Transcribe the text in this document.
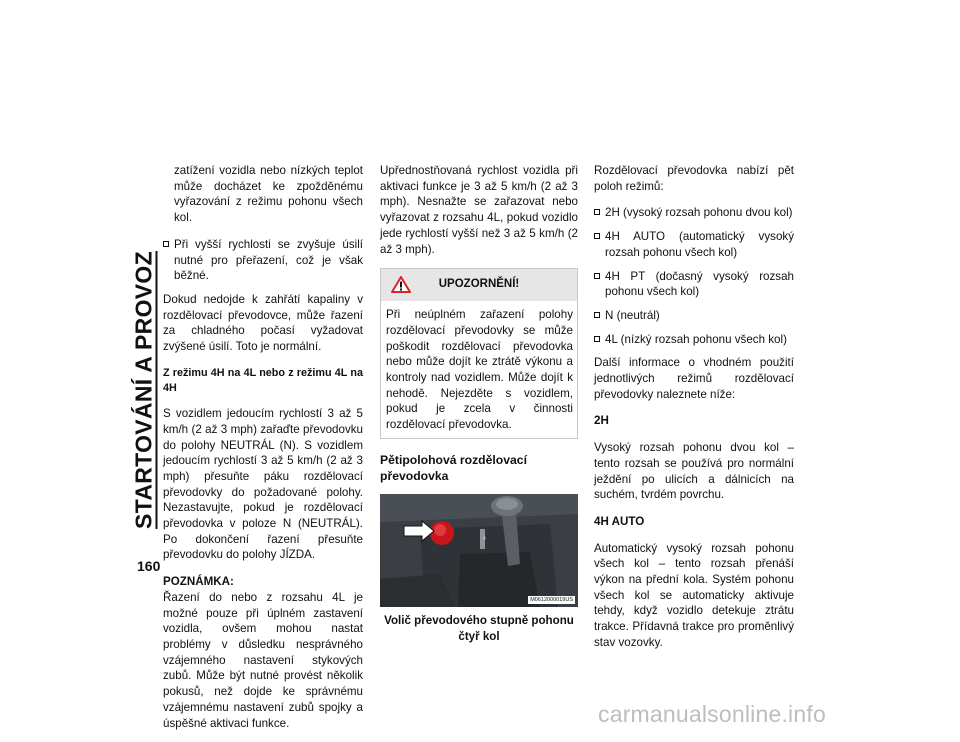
STARTOVÁNÍ A PROVOZ
160

zatížení vozidla nebo nízkých teplot může docházet ke zpožděnému vyřazování z režimu pohonu všech kol.

Při vyšší rychlosti se zvyšuje úsilí nutné pro přeřazení, což je však běžné.

Dokud nedojde k zahřátí kapaliny v rozdělovací převodovce, může řazení za chladného počasí vyžadovat zvýšené úsilí. Toto je normální.

Z režimu 4H na 4L nebo z režimu 4L na 4H

S vozidlem jedoucím rychlostí 3 až 5 km/h (2 až 3 mph) zařaďte převodovku do polohy NEUTRÁL (N). S vozidlem jedoucím rychlostí 3 až 5 km/h (2 až 3 mph) přesuňte páku rozdělovací převodovky do požadované polohy. Nezastavujte, pokud je rozdělovací převodovka v poloze N (NEUTRÁL). Po dokončení řazení přesuňte převodovku do polohy JÍZDA.

POZNÁMKA:

Řazení do nebo z rozsahu 4L je možné pouze při úplném zastavení vozidla, ovšem mohou nastat problémy v důsledku nesprávného vzájemného nastavení stykových zubů. Může být nutné provést několik pokusů, než dojde ke správnému vzájemnému nastavení zubů spojky a úspěšné aktivaci funkce.

Upřednostňovaná rychlost vozidla při aktivaci funkce je 3 až 5 km/h (2 až 3 mph). Nesnažte se zařazovat nebo vyřazovat z rozsahu 4L, pokud vozidlo jede rychlostí vyšší než 3 až 5 km/h (2 až 3 mph).

UPOZORNĚNÍ!

Při neúplném zařazení polohy rozdělovací převodovky se může poškodit rozdělovací převodovka nebo může dojít ke ztrátě výkonu a kontroly nad vozidlem. Může dojít k nehodě. Nejezděte s vozidlem, pokud je zcela v činnosti rozdělovací převodovka.

Pětipolohová rozdělovací převodovka

4
M0612000019US

Volič převodového stupně pohonu čtyř kol

Rozdělovací převodovka nabízí pět poloh režimů:

2H (vysoký rozsah pohonu dvou kol)

4H AUTO (automatický vysoký rozsah pohonu všech kol)

4H PT (dočasný vysoký rozsah pohonu všech kol)

N (neutrál)

4L (nízký rozsah pohonu všech kol)

Další informace o vhodném použití jednotlivých režimů rozdělovací převodovky naleznete níže:

2H

Vysoký rozsah pohonu dvou kol – tento rozsah se používá pro normální ježdění po ulicích a dálnicích na suchém, tvrdém povrchu.

4H AUTO

Automatický vysoký rozsah pohonu všech kol – tento rozsah přenáší výkon na přední kola. Systém pohonu všech kol se automaticky aktivuje tehdy, když vozidlo detekuje ztrátu trakce. Přídavná trakce pro proměnlivý stav vozovky.

carmanualsonline.info
